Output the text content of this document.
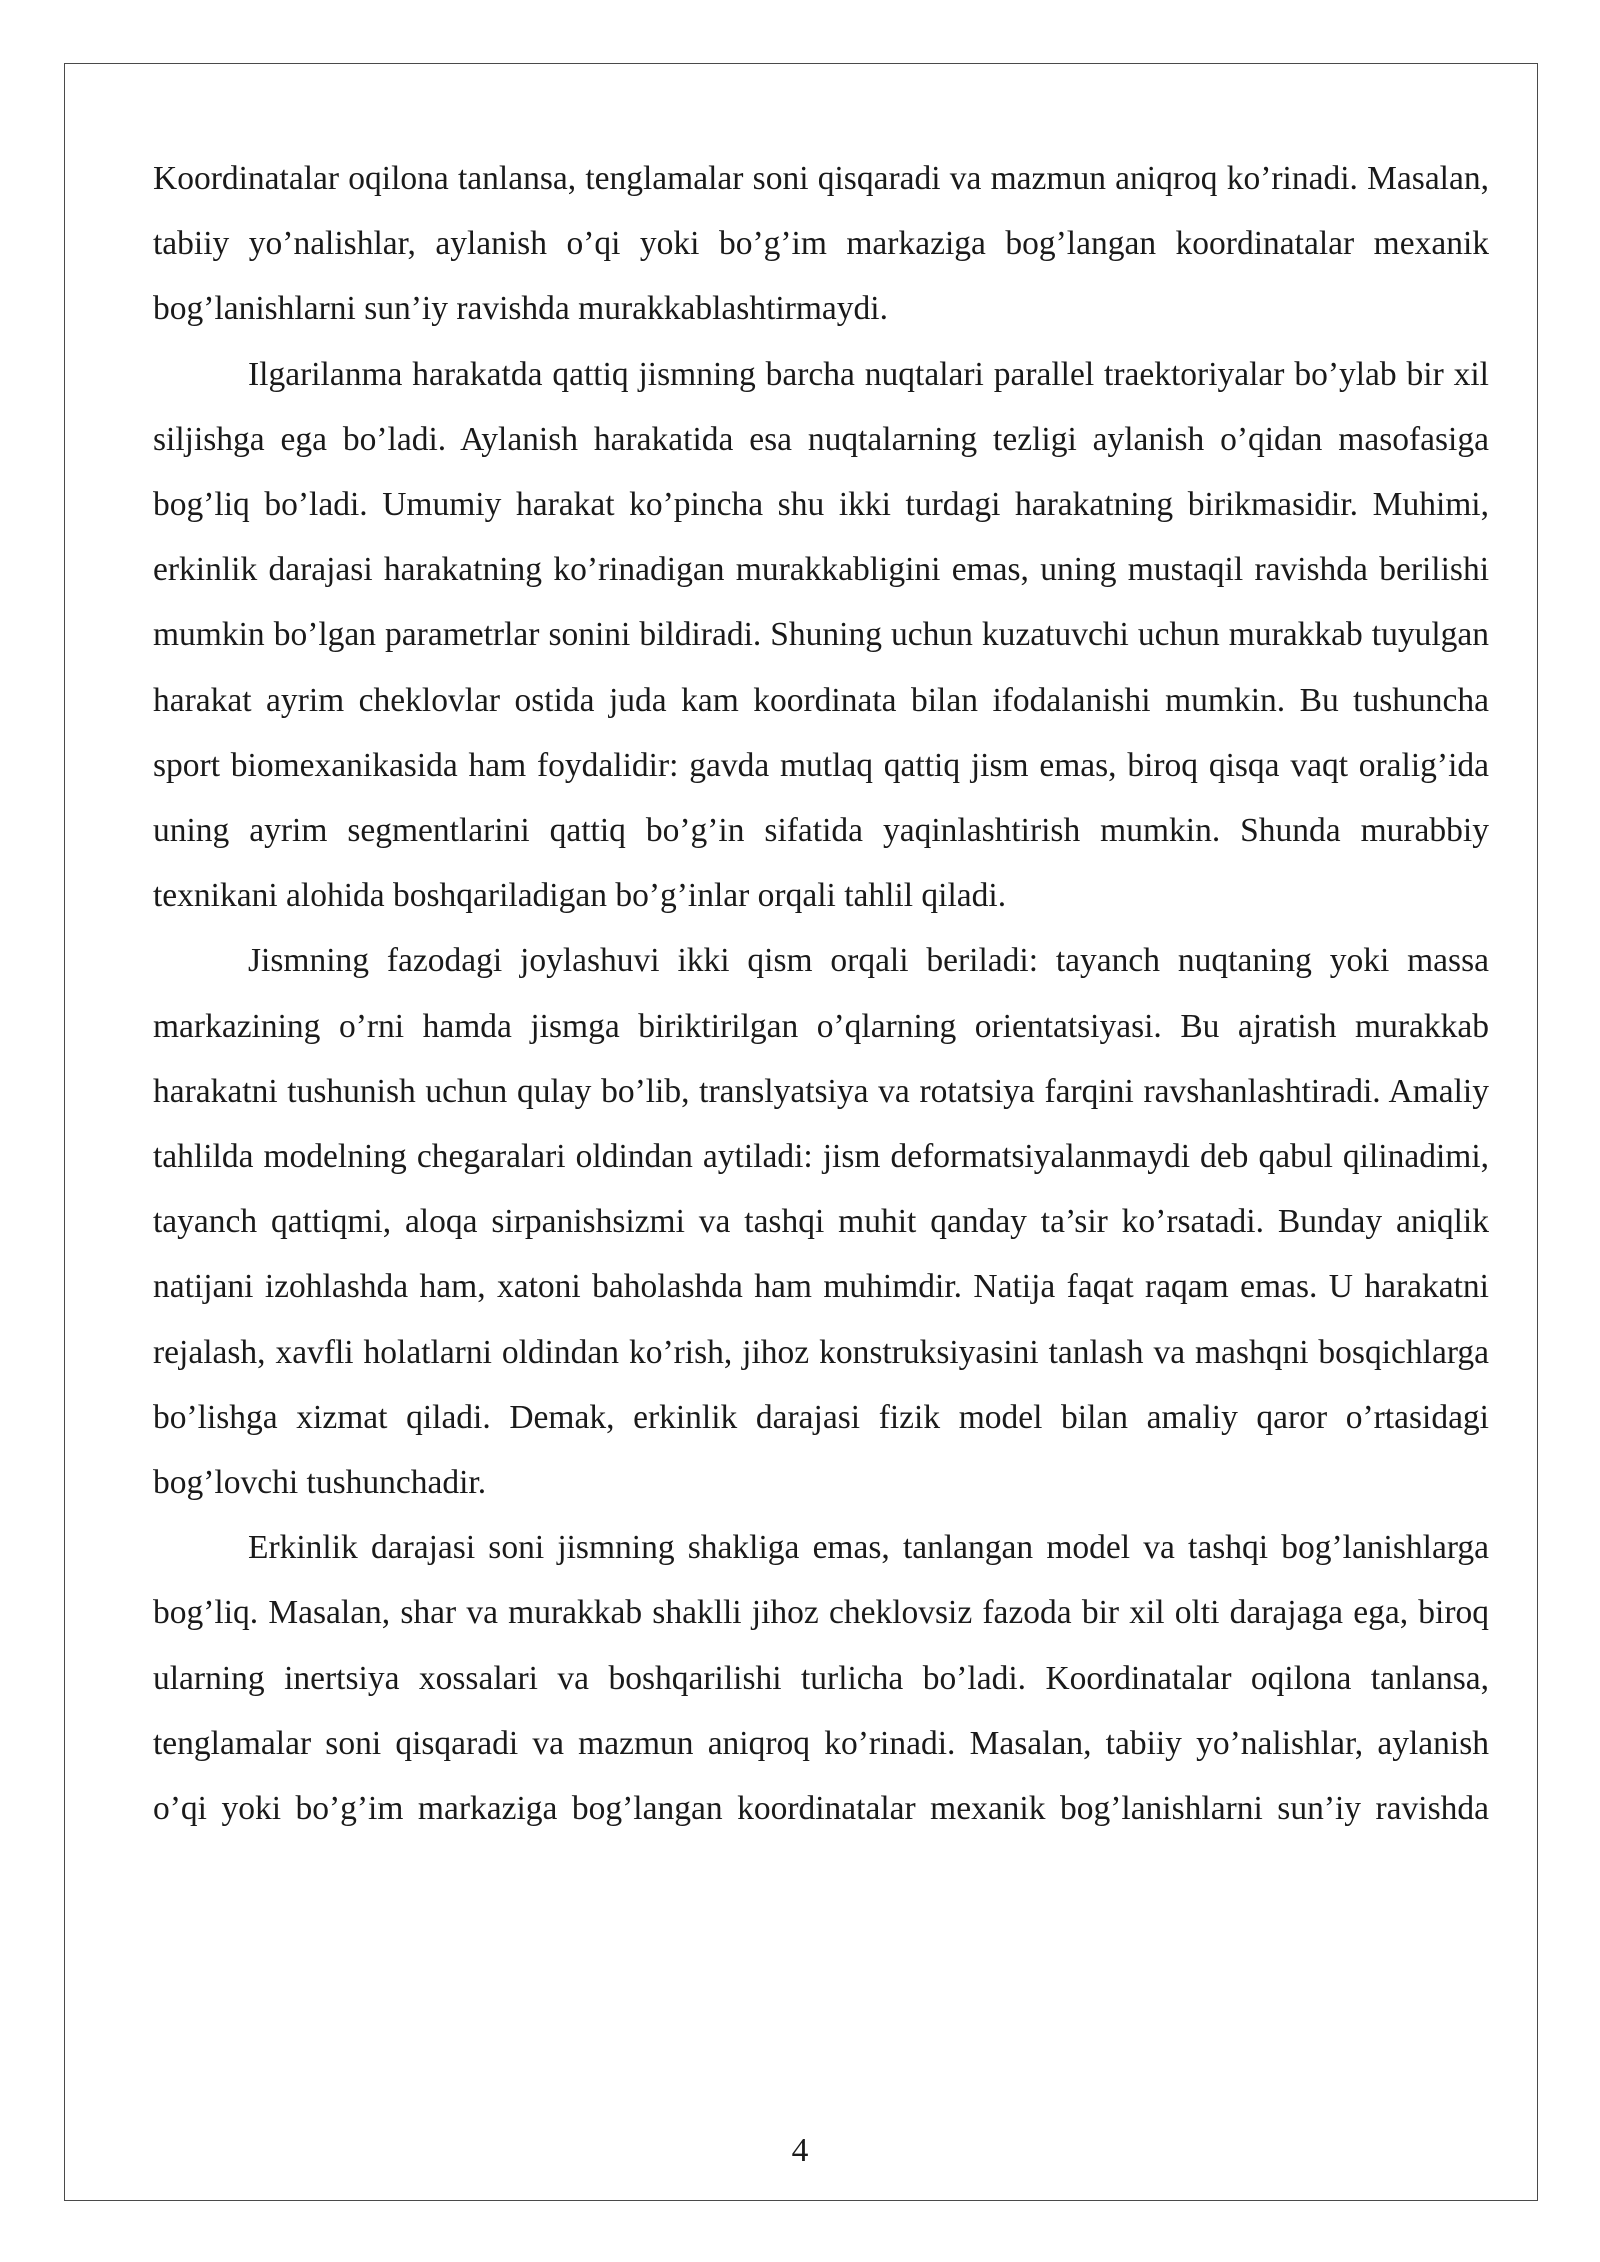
Koordinatalar oqilona tanlansa, tenglamalar soni qisqaradi va mazmun aniqroq ko’rinadi. Masalan, tabiiy yo’nalishlar, aylanish o’qi yoki bo’g’im markaziga bog’langan koordinatalar mexanik bog’lanishlarni sun’iy ravishda murakkablashtirmaydi.

Ilgarilanma harakatda qattiq jismning barcha nuqtalari parallel traektoriyalar bo’ylab bir xil siljishga ega bo’ladi. Aylanish harakatida esa nuqtalarning tezligi aylanish o’qidan masofasiga bog’liq bo’ladi. Umumiy harakat ko’pincha shu ikki turdagi harakatning birikmasidir. Muhimi, erkinlik darajasi harakatning ko’rinadigan murakkabligini emas, uning mustaqil ravishda berilishi mumkin bo’lgan parametrlar sonini bildiradi. Shuning uchun kuzatuvchi uchun murakkab tuyulgan harakat ayrim cheklovlar ostida juda kam koordinata bilan ifodalanishi mumkin. Bu tushuncha sport biomexanikasida ham foydalidir: gavda mutlaq qattiq jism emas, biroq qisqa vaqt oralig’ida uning ayrim segmentlarini qattiq bo’g’in sifatida yaqinlashtirish mumkin. Shunda murabbiy texnikani alohida boshqariladigan bo’g’inlar orqali tahlil qiladi.

Jismning fazodagi joylashuvi ikki qism orqali beriladi: tayanch nuqtaning yoki massa markazining o’rni hamda jismga biriktirilgan o’qlarning orientatsiyasi. Bu ajratish murakkab harakatni tushunish uchun qulay bo’lib, translyatsiya va rotatsiya farqini ravshanlashtiradi. Amaliy tahlilda modelning chegaralari oldindan aytiladi: jism deformatsiyalanmaydi deb qabul qilinadimi, tayanch qattiqmi, aloqa sirpanishsizmi va tashqi muhit qanday ta’sir ko’rsatadi. Bunday aniqlik natijani izohlashda ham, xatoni baholashda ham muhimdir. Natija faqat raqam emas. U harakatni rejalash, xavfli holatlarni oldindan ko’rish, jihoz konstruksiyasini tanlash va mashqni bosqichlarga bo’lishga xizmat qiladi. Demak, erkinlik darajasi fizik model bilan amaliy qaror o’rtasidagi bog’lovchi tushunchadir.

Erkinlik darajasi soni jismning shakliga emas, tanlangan model va tashqi bog’lanishlarga bog’liq. Masalan, shar va murakkab shaklli jihoz cheklovsiz fazoda bir xil olti darajaga ega, biroq ularning inertsiya xossalari va boshqarilishi turlicha bo’ladi. Koordinatalar oqilona tanlansa, tenglamalar soni qisqaradi va mazmun aniqroq ko’rinadi. Masalan, tabiiy yo’nalishlar, aylanish o’qi yoki bo’g’im markaziga bog’langan koordinatalar mexanik bog’lanishlarni sun’iy ravishda

4
